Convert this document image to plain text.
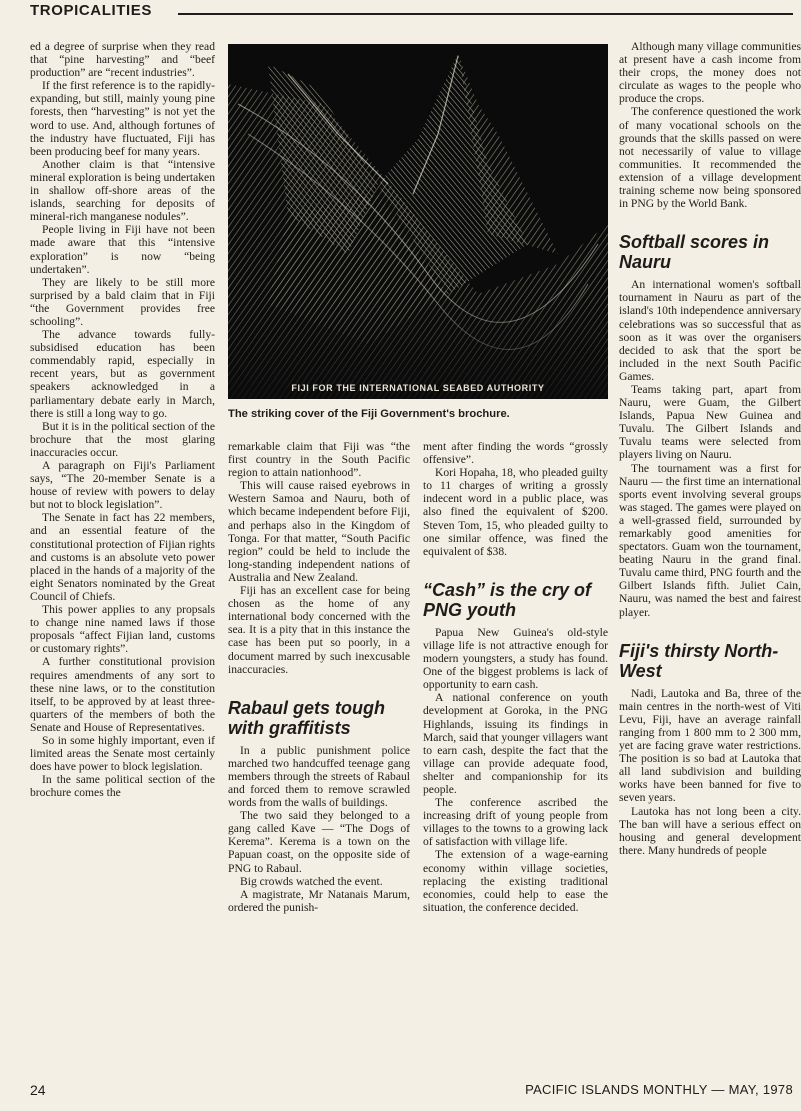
TROPICALITIES

ed a degree of surprise when they read that “pine harvesting” and “beef production” are “recent industries”.

If the first reference is to the rapidly-expanding, but still, mainly young pine forests, then “harvesting” is not yet the word to use. And, although fortunes of the industry have fluctuated, Fiji has been producing beef for many years.

Another claim is that “intensive mineral exploration is being undertaken in shallow off-shore areas of the islands, searching for deposits of mineral-rich manganese nodules”.

People living in Fiji have not been made aware that this “intensive exploration” is now “being undertaken”.

They are likely to be still more surprised by a bald claim that in Fiji “the Government provides free schooling”.

The advance towards fully-subsidised education has been commendably rapid, especially in recent years, but as government speakers acknowledged in a parliamentary debate early in March, there is still a long way to go.

But it is in the political section of the brochure that the most glaring inaccuracies occur.

A paragraph on Fiji's Parliament says, “The 20-member Senate is a house of review with powers to delay but not to block legislation”.

The Senate in fact has 22 members, and an essential feature of the constitutional protection of Fijian rights and customs is an absolute veto power placed in the hands of a majority of the eight Senators nominated by the Great Council of Chiefs.

This power applies to any propsals to change nine named laws if those proposals “affect Fijian land, customs or customary rights”.

A further constitutional provision requires amendments of any sort to these nine laws, or to the constitution itself, to be approved by at least three-quarters of the members of both the Senate and House of Representatives.

So in some highly important, even if limited areas the Senate most certainly does have power to block legislation.

In the same political section of the brochure comes the

FIJI FOR THE INTERNATIONAL SEABED AUTHORITY
The striking cover of the Fiji Government's brochure.

remarkable claim that Fiji was “the first country in the South Pacific region to attain nationhood”.

This will cause raised eyebrows in Western Samoa and Nauru, both of which became independent before Fiji, and perhaps also in the Kingdom of Tonga. For that matter, “South Pacific region” could be held to include the long-standing independent nations of Australia and New Zealand.

Fiji has an excellent case for being chosen as the home of any international body concerned with the sea. It is a pity that in this instance the case has been put so poorly, in a document marred by such inexcusable inaccuracies.

Rabaul gets tough with graffitists

In a public punishment police marched two handcuffed teenage gang members through the streets of Rabaul and forced them to remove scrawled words from the walls of buildings.

The two said they belonged to a gang called Kave — “The Dogs of Kerema”. Kerema is a town on the Papuan coast, on the opposite side of PNG to Rabaul.

Big crowds watched the event.

A magistrate, Mr Natanais Marum, ordered the punish-

ment after finding the words “grossly offensive”.

Kori Hopaha, 18, who pleaded guilty to 11 charges of writing a grossly indecent word in a public place, was also fined the equivalent of $200. Steven Tom, 15, who pleaded guilty to one similar offence, was fined the equivalent of $38.

“Cash” is the cry of PNG youth

Papua New Guinea's old-style village life is not attractive enough for modern youngsters, a study has found. One of the biggest problems is lack of opportunity to earn cash.

A national conference on youth development at Goroka, in the PNG Highlands, issuing its findings in March, said that younger villagers want to earn cash, despite the fact that the village can provide adequate food, shelter and companionship for its people.

The conference ascribed the increasing drift of young people from villages to the towns to a growing lack of satisfaction with village life.

The extension of a wage-earning economy within village societies, replacing the existing traditional economies, could help to ease the situation, the conference decided.

Although many village communities at present have a cash income from their crops, the money does not circulate as wages to the people who produce the crops.

The conference questioned the work of many vocational schools on the grounds that the skills passed on were not necessarily of value to village communities. It recommended the extension of a village development training scheme now being sponsored in PNG by the World Bank.

Softball scores in Nauru

An international women's softball tournament in Nauru as part of the island's 10th independence anniversary celebrations was so successful that as soon as it was over the organisers decided to ask that the sport be included in the next South Pacific Games.

Teams taking part, apart from Nauru, were Guam, the Gilbert Islands, Papua New Guinea and Tuvalu. The Gilbert Islands and Tuvalu teams were selected from players living on Nauru.

The tournament was a first for Nauru — the first time an international sports event involving several groups was staged. The games were played on a well-grassed field, surrounded by remarkably good amenities for spectators. Guam won the tournament, beating Nauru in the grand final. Tuvalu came third, PNG fourth and the Gilbert Islands fifth. Juliet Cain, Nauru, was named the best and fairest player.

Fiji's thirsty North-West

Nadi, Lautoka and Ba, three of the main centres in the north-west of Viti Levu, Fiji, have an average rainfall ranging from 1 800 mm to 2 300 mm, yet are facing grave water restrictions. The position is so bad at Lautoka that all land subdivision and building works have been banned for five to seven years.

Lautoka has not long been a city. The ban will have a serious effect on housing and general development there. Many hundreds of people

24	PACIFIC ISLANDS MONTHLY — MAY, 1978
